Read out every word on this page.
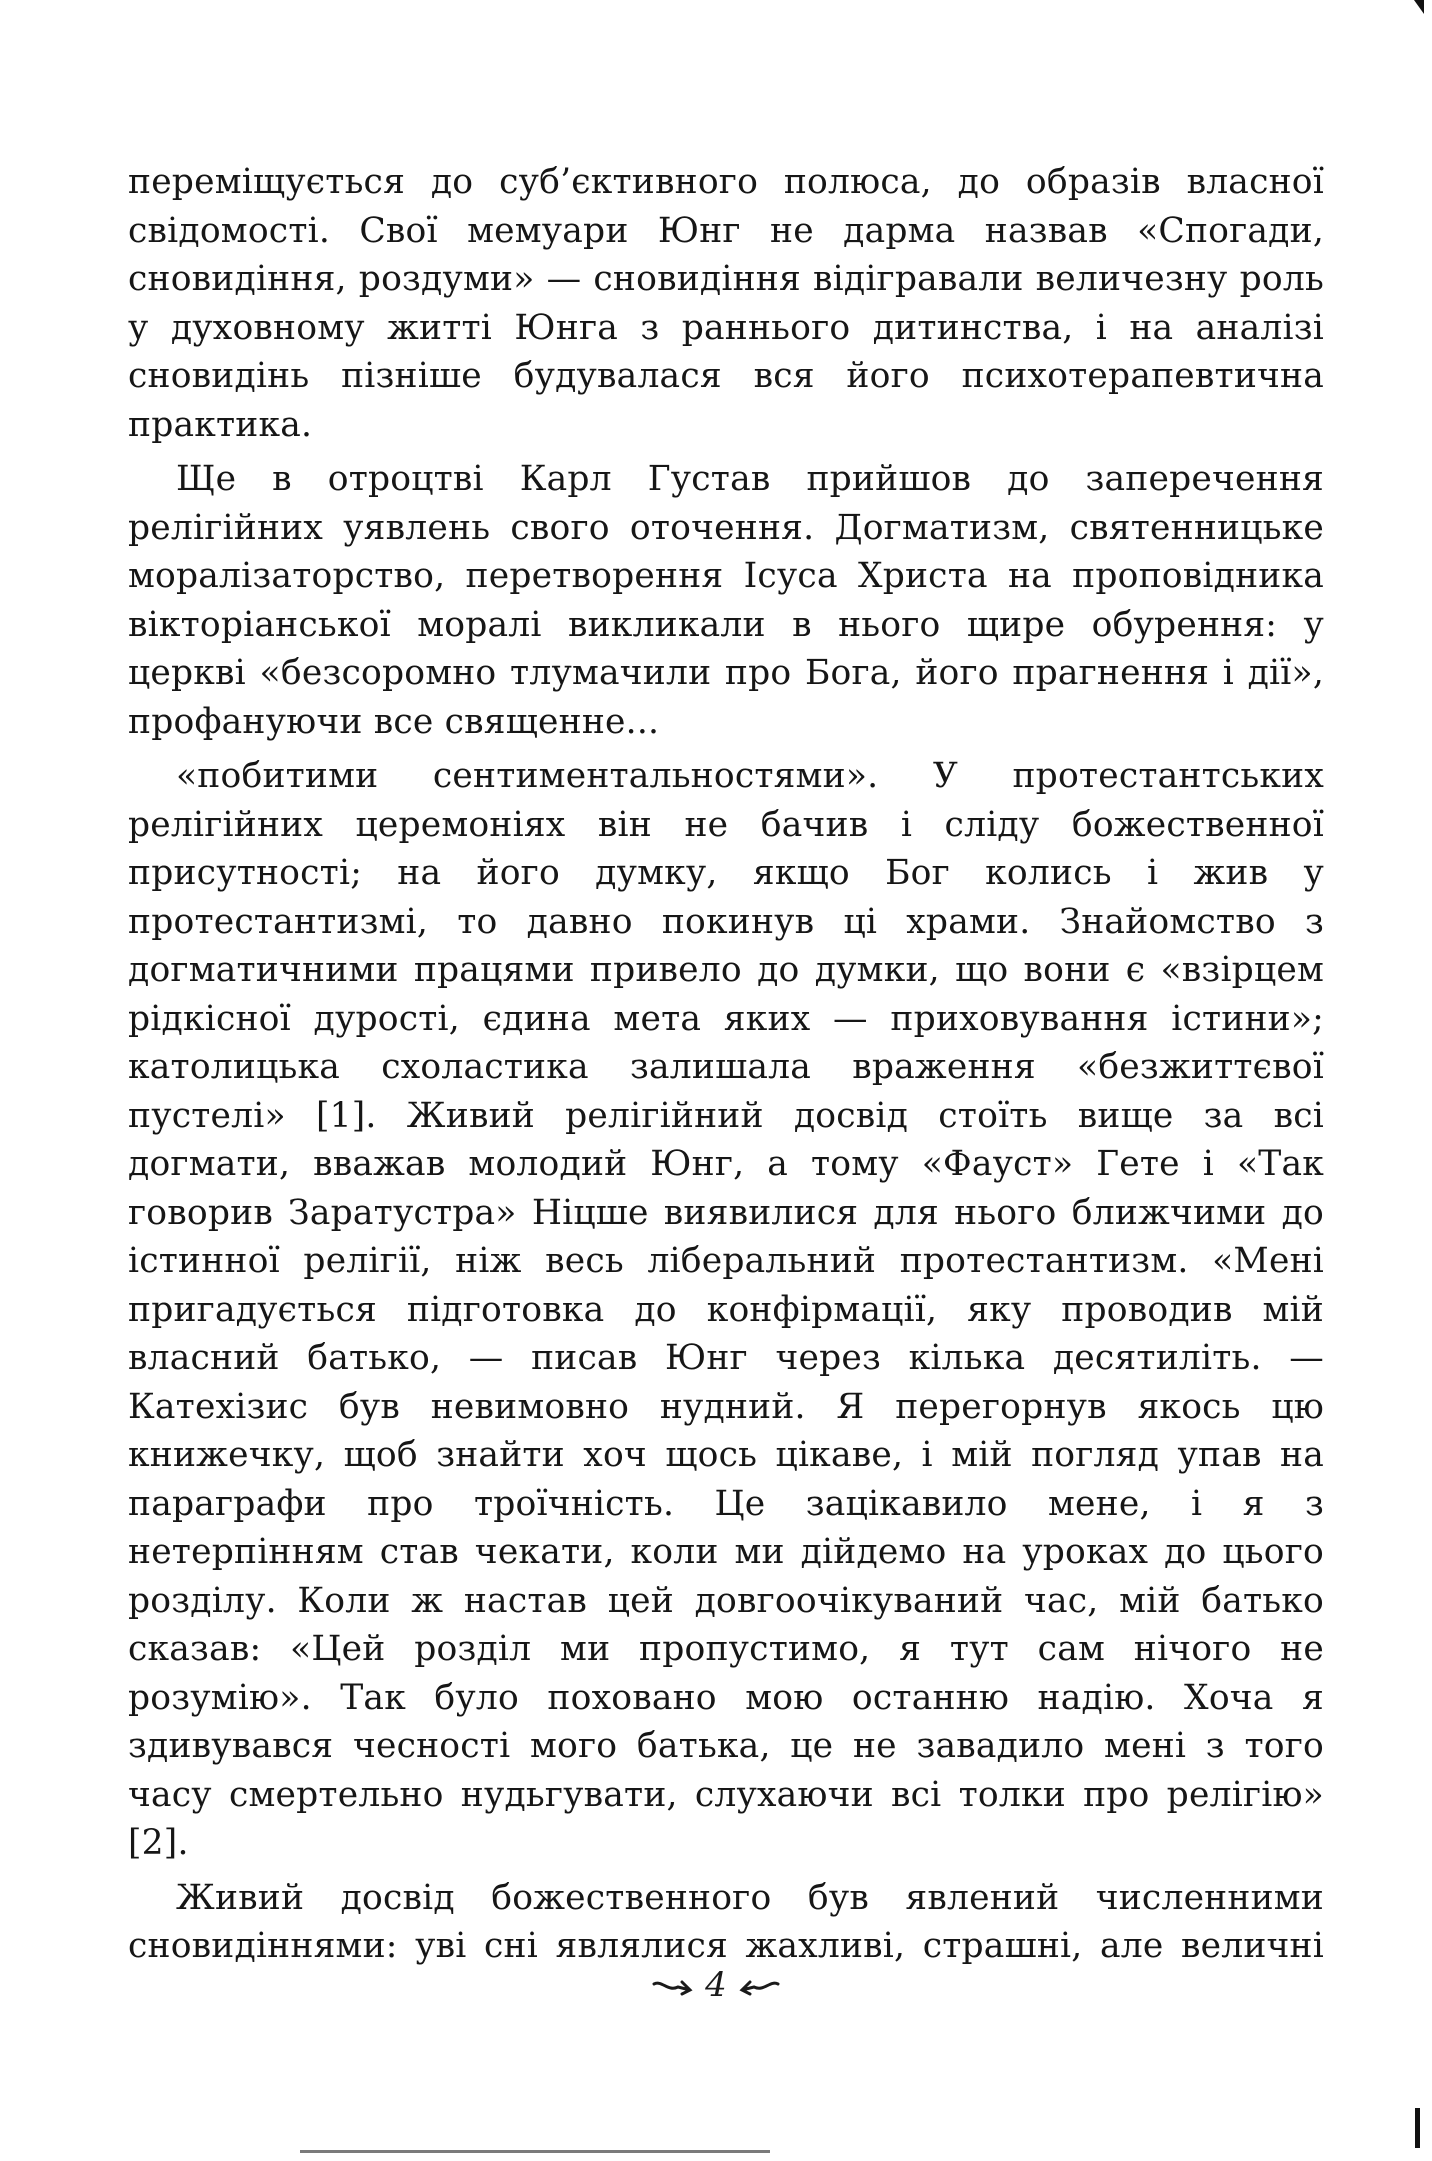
переміщується до суб’єктивного полюса, до образів власної свідомості. Свої мемуари Юнг не дарма назвав «Спогади, сновидіння, роздуми» — сновидіння відігравали величезну роль у духовному житті Юнга з раннього дитинства, і на аналізі сновидінь пізніше будувалася вся його психотерапевтична практика.

Ще в отроцтві Карл Густав прийшов до заперечення релігійних уявлень свого оточення. Догматизм, святенницьке моралізаторство, перетворення Ісуса Христа на проповідника вікторіанської моралі викликали в нього щире обурення: у церкві «безсоромно тлумачили про Бога, його прагнення і дії», профануючи все священне...

«побитими сентиментальностями». У протестантських релігійних церемоніях він не бачив і сліду божественної присутності; на його думку, якщо Бог колись і жив у протестантизмі, то давно покинув ці храми. Знайомство з догматичними працями привело до думки, що вони є «взірцем рідкісної дурості, єдина мета яких — приховування істини»; католицька схоластика залишала враження «безжиттєвої пустелі» [1]. Живий релігійний досвід стоїть вище за всі догмати, вважав молодий Юнг, а тому «Фауст» Гете і «Так говорив Заратустра» Ніцше виявилися для нього ближчими до істинної релігії, ніж весь ліберальний протестантизм. «Мені пригадується підготовка до конфірмації, яку проводив мій власний батько, — писав Юнг через кілька десятиліть. — Катехізис був невимовно нудний. Я перегорнув якось цю книжечку, щоб знайти хоч щось цікаве, і мій погляд упав на параграфи про троїчність. Це зацікавило мене, і я з нетерпінням став чекати, коли ми дійдемо на уроках до цього розділу. Коли ж настав цей довгоочікуваний час, мій батько сказав: «Цей розділ ми пропустимо, я тут сам нічого не розумію». Так було поховано мою останню надію. Хоча я здивувався чесності мого батька, це не завадило мені з того часу смертельно нудьгувати, слухаючи всі толки про релігію» [2].

Живий досвід божественного був явлений численними сновидіннями: уві сні являлися жахливі, страшні, але величні

4
